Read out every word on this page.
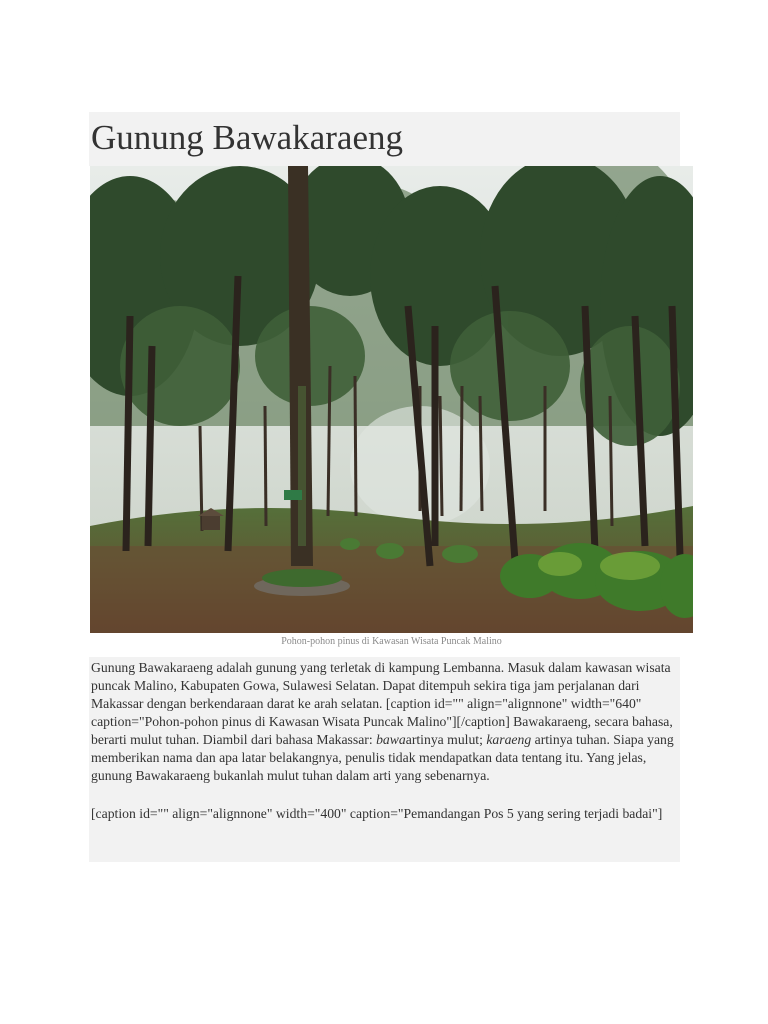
Gunung Bawakaraeng
Pohon-pohon pinus di Kawasan Wisata Puncak Malino

Gunung Bawakaraeng adalah gunung yang terletak di kampung Lembanna. Masuk dalam kawasan wisata puncak Malino, Kabupaten Gowa, Sulawesi Selatan. Dapat ditempuh sekira tiga jam perjalanan dari Makassar dengan berkendaraan darat ke arah selatan. [caption id="" align="alignnone" width="640" caption="Pohon-pohon pinus di Kawasan Wisata Puncak Malino"][/caption] Bawakaraeng, secara bahasa, berarti mulut tuhan. Diambil dari bahasa Makassar: bawaartinya mulut; karaeng artinya tuhan. Siapa yang memberikan nama dan apa latar belakangnya, penulis tidak mendapatkan data tentang itu. Yang jelas, gunung Bawakaraeng bukanlah mulut tuhan dalam arti yang sebenarnya.

[caption id="" align="alignnone" width="400" caption="Pemandangan Pos 5 yang sering terjadi badai"]
